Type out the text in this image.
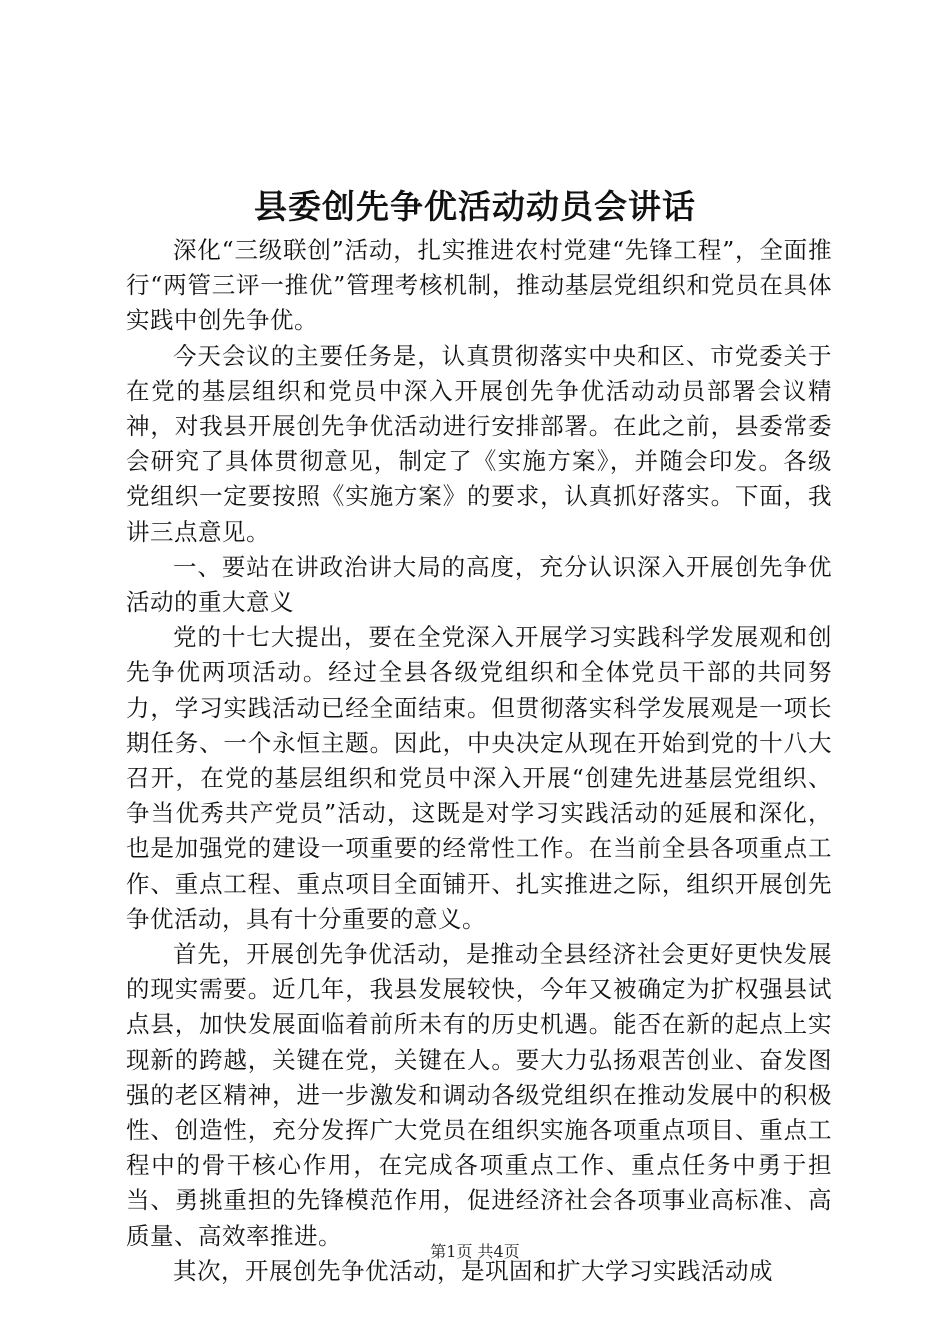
县委创先争优活动动员会讲话

深化“三级联创”活动，扎实推进农村党建“先锋工程”，全面推行“两管三评一推优”管理考核机制，推动基层党组织和党员在具体实践中创先争优。

今天会议的主要任务是，认真贯彻落实中央和区、市党委关于在党的基层组织和党员中深入开展创先争优活动动员部署会议精神，对我县开展创先争优活动进行安排部署。在此之前，县委常委会研究了具体贯彻意见，制定了《实施方案》，并随会印发。各级党组织一定要按照《实施方案》的要求，认真抓好落实。下面，我讲三点意见。

一、要站在讲政治讲大局的高度，充分认识深入开展创先争优活动的重大意义

党的十七大提出，要在全党深入开展学习实践科学发展观和创先争优两项活动。经过全县各级党组织和全体党员干部的共同努力，学习实践活动已经全面结束。但贯彻落实科学发展观是一项长期任务、一个永恒主题。因此，中央决定从现在开始到党的十八大召开，在党的基层组织和党员中深入开展“创建先进基层党组织、争当优秀共产党员”活动，这既是对学习实践活动的延展和深化，也是加强党的建设一项重要的经常性工作。在当前全县各项重点工作、重点工程、重点项目全面铺开、扎实推进之际，组织开展创先争优活动，具有十分重要的意义。

首先，开展创先争优活动，是推动全县经济社会更好更快发展的现实需要。近几年，我县发展较快，今年又被确定为扩权强县试点县，加快发展面临着前所未有的历史机遇。能否在新的起点上实现新的跨越，关键在党，关键在人。要大力弘扬艰苦创业、奋发图强的老区精神，进一步激发和调动各级党组织在推动发展中的积极性、创造性，充分发挥广大党员在组织实施各项重点项目、重点工程中的骨干核心作用，在完成各项重点工作、重点任务中勇于担当、勇挑重担的先锋模范作用，促进经济社会各项事业高标准、高质量、高效率推进。

其次，开展创先争优活动，是巩固和扩大学习实践活动成

第1页 共4页
